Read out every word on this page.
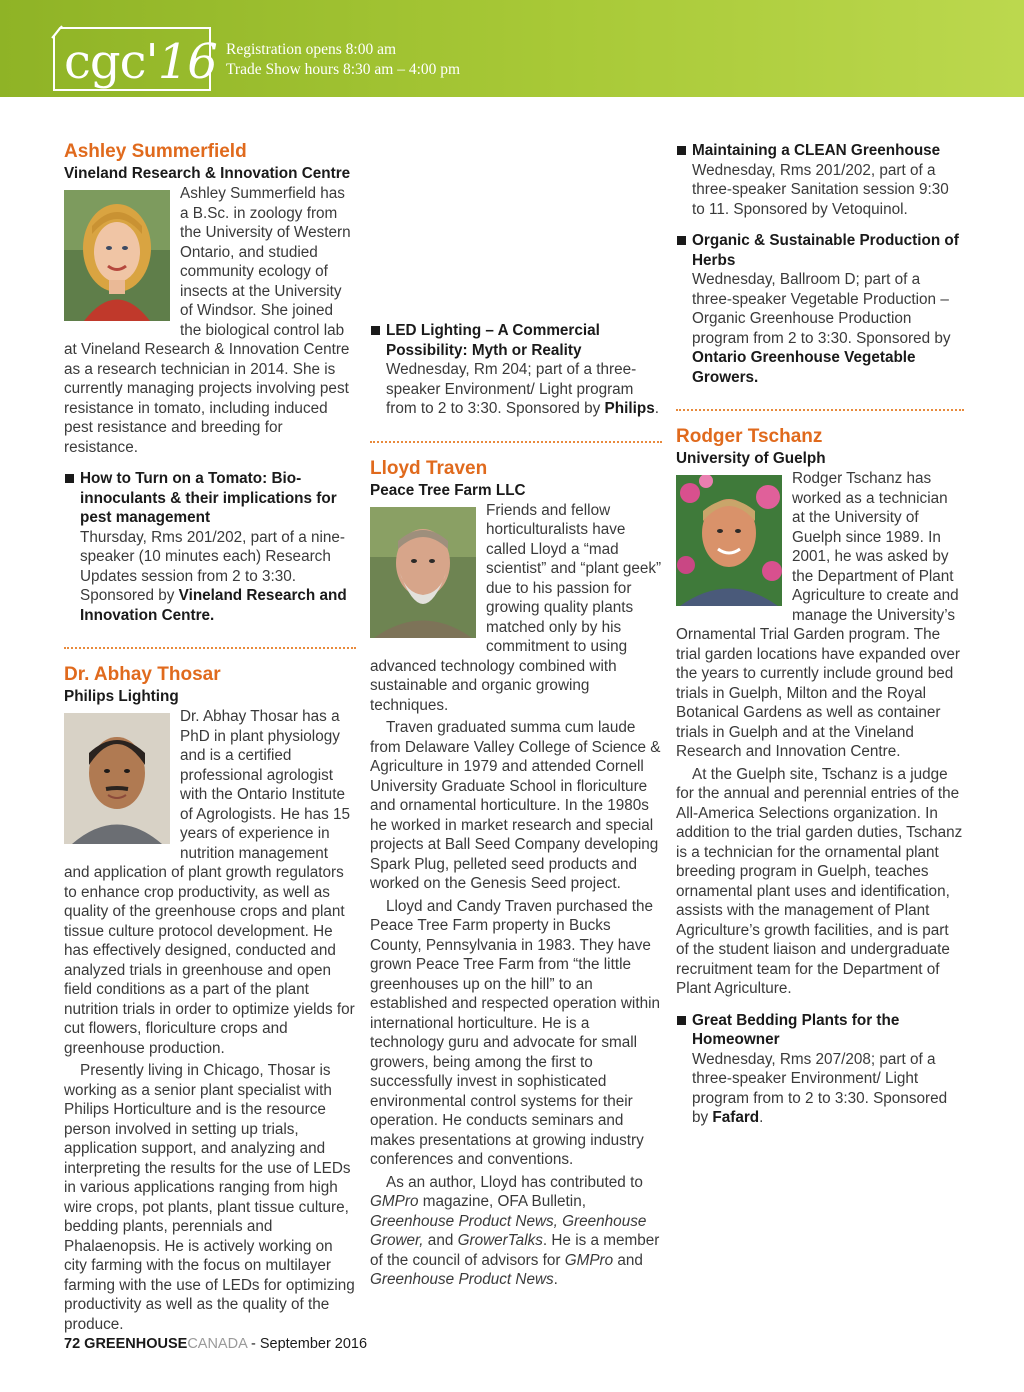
cgc'16 Registration opens 8:00 am
Trade Show hours 8:30 am – 4:00 pm
Ashley Summerfield
Vineland Research & Innovation Centre

Ashley Summerfield has a B.Sc. in zoology from the University of Western Ontario, and studied community ecology of insects at the University of Windsor. She joined the biological control lab at Vineland Research & Innovation Centre as a research technician in 2014. She is currently managing projects involving pest resistance in tomato, including induced pest resistance and breeding for resistance.

How to Turn on a Tomato: Bio-innoculants & their implications for pest management
Thursday, Rms 201/202, part of a nine-speaker (10 minutes each) Research Updates session from 2 to 3:30. Sponsored by Vineland Research and Innovation Centre.
Dr. Abhay Thosar
Philips Lighting

Dr. Abhay Thosar has a PhD in plant physiology and is a certified professional agrologist with the Ontario Institute of Agrologists. He has 15 years of experience in nutrition management and application of plant growth regulators to enhance crop productivity, as well as quality of the greenhouse crops and plant tissue culture protocol development. He has effectively designed, conducted and analyzed trials in greenhouse and open field conditions as a part of the plant nutrition trials in order to optimize yields for cut flowers, floriculture crops and greenhouse production.

Presently living in Chicago, Thosar is working as a senior plant specialist with Philips Horticulture and is the resource person involved in setting up trials, application support, and analyzing and interpreting the results for the use of LEDs in various applications ranging from high wire crops, pot plants, plant tissue culture, bedding plants, perennials and Phalaenopsis. He is actively working on city farming with the focus on multilayer farming with the use of LEDs for optimizing productivity as well as the quality of the produce.

LED Lighting – A Commercial Possibility: Myth or Reality
Wednesday, Rm 204; part of a three-speaker Environment/ Light program from to 2 to 3:30. Sponsored by Philips.
Lloyd Traven
Peace Tree Farm LLC

Friends and fellow horticulturalists have called Lloyd a “mad scientist” and “plant geek” due to his passion for growing quality plants matched only by his commitment to using advanced technology combined with sustainable and organic growing techniques.

Traven graduated summa cum laude from Delaware Valley College of Science & Agriculture in 1979 and attended Cornell University Graduate School in floriculture and ornamental horticulture. In the 1980s he worked in market research and special projects at Ball Seed Company developing Spark Plug, pelleted seed products and worked on the Genesis Seed project.

Lloyd and Candy Traven purchased the Peace Tree Farm property in Bucks County, Pennsylvania in 1983. They have grown Peace Tree Farm from “the little greenhouses up on the hill” to an established and respected operation within international horticulture. He is a technology guru and advocate for small growers, being among the first to successfully invest in sophisticated environmental control systems for their operation. He conducts seminars and makes presentations at growing industry conferences and conventions.

As an author, Lloyd has contributed to GMPro magazine, OFA Bulletin, Greenhouse Product News, Greenhouse Grower, and GrowerTalks. He is a member of the council of advisors for GMPro and Greenhouse Product News.

Maintaining a CLEAN Greenhouse
Wednesday, Rms 201/202, part of a three-speaker Sanitation session 9:30 to 11. Sponsored by Vetoquinol.
Organic & Sustainable Production of Herbs
Wednesday, Ballroom D; part of a three-speaker Vegetable Production – Organic Greenhouse Production program from 2 to 3:30. Sponsored by Ontario Greenhouse Vegetable Growers.
Rodger Tschanz
University of Guelph

Rodger Tschanz has worked as a technician at the University of Guelph since 1989. In 2001, he was asked by the Department of Plant Agriculture to create and manage the University’s Ornamental Trial Garden program. The trial garden locations have expanded over the years to currently include ground bed trials in Guelph, Milton and the Royal Botanical Gardens as well as container trials in Guelph and at the Vineland Research and Innovation Centre.

At the Guelph site, Tschanz is a judge for the annual and perennial entries of the All-America Selections organization. In addition to the trial garden duties, Tschanz is a technician for the ornamental plant breeding program in Guelph, teaches ornamental plant uses and identification, assists with the management of Plant Agriculture’s growth facilities, and is part of the student liaison and undergraduate recruitment team for the Department of Plant Agriculture.

Great Bedding Plants for the Homeowner
Wednesday, Rms 207/208; part of a three-speaker Environment/ Light program from to 2 to 3:30. Sponsored by Fafard.
72 GREENHOUSECANADA - September 2016
